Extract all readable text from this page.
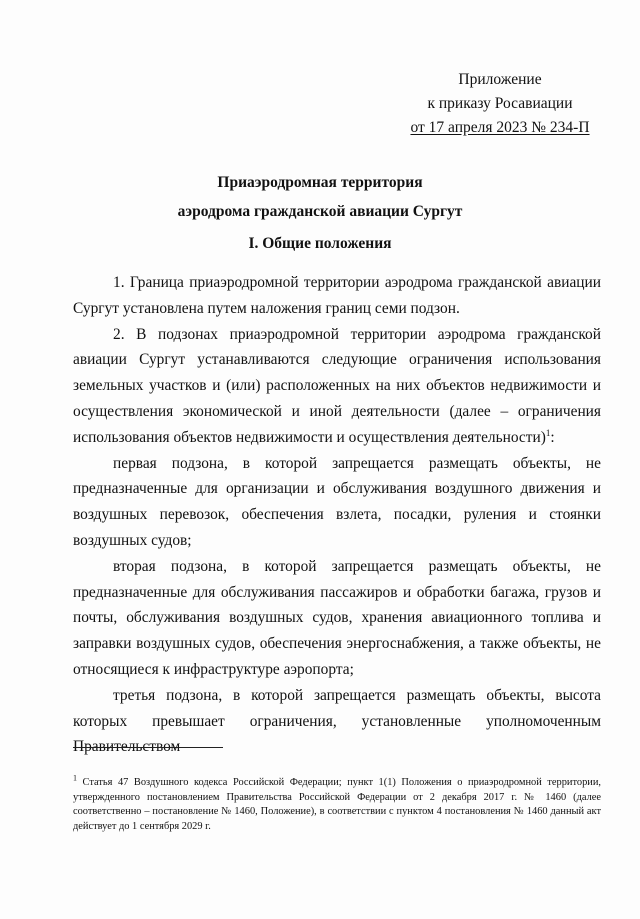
Приложение
к приказу Росавиации
от 17 апреля 2023 № 234-П
Приаэродромная территория
аэродрома гражданской авиации Сургут
I. Общие положения

1. Граница приаэродромной территории аэродрома гражданской авиации Сургут установлена путем наложения границ семи подзон.

2. В подзонах приаэродромной территории аэродрома гражданской авиации Сургут устанавливаются следующие ограничения использования земельных участков и (или) расположенных на них объектов недвижимости и осуществления экономической и иной деятельности (далее – ограничения использования объектов недвижимости и осуществления деятельности)$^1$:

первая подзона, в которой запрещается размещать объекты, не предназначенные для организации и обслуживания воздушного движения и воздушных перевозок, обеспечения взлета, посадки, руления и стоянки воздушных судов;

вторая подзона, в которой запрещается размещать объекты, не предназначенные для обслуживания пассажиров и обработки багажа, грузов и почты, обслуживания воздушных судов, хранения авиационного топлива и заправки воздушных судов, обеспечения энергоснабжения, а также объекты, не относящиеся к инфраструктуре аэропорта;

третья подзона, в которой запрещается размещать объекты, высота которых превышает ограничения, установленные уполномоченным Правительством

$^1$ Статья 47 Воздушного кодекса Российской Федерации; пункт 1(1) Положения о приаэродромной территории, утвержденного постановлением Правительства Российской Федерации от 2 декабря 2017 г. № 1460 (далее соответственно – постановление № 1460, Положение), в соответствии с пунктом 4 постановления № 1460 данный акт действует до 1 сентября 2029 г.
